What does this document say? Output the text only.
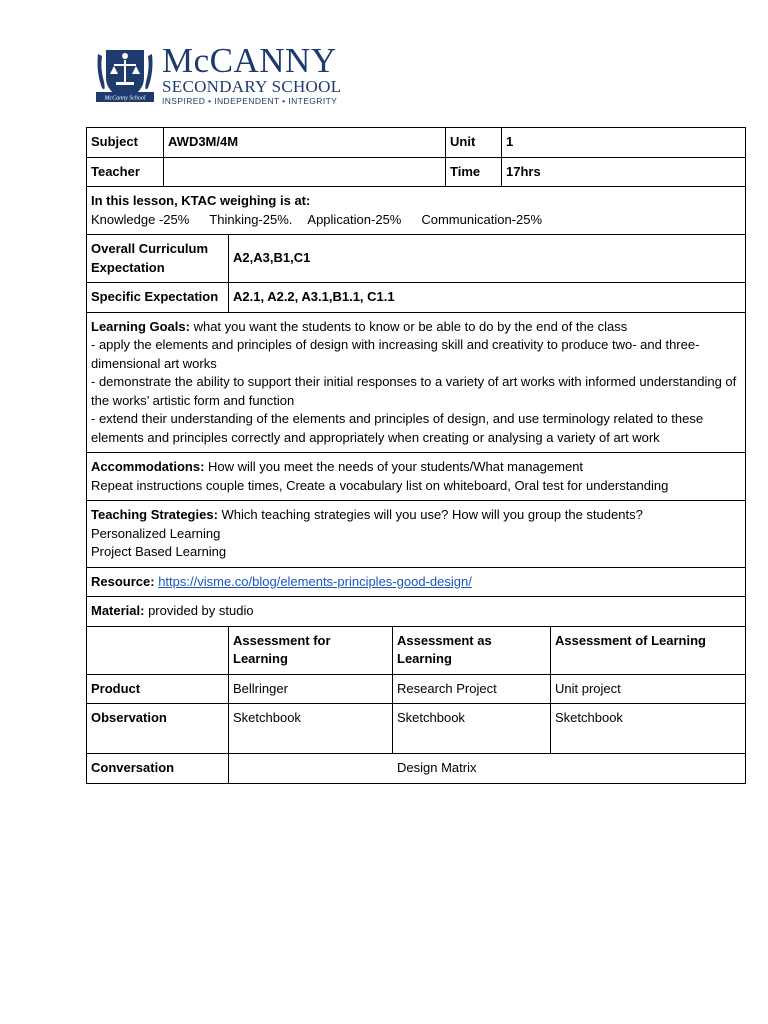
McCanny School
McCANNY
SECONDARY SCHOOL
INSPIRED • INDEPENDENT • INTEGRITY
Subject	AWD3M/4M			Unit	1	
Teacher				Time	17hrs	

In this lesson, KTAC weighing is at:
Knowledge -25% Thinking-25%. Application-25% Communication-25%						

Overall Curriculum Expectation		A2,A3,B1,C1				
Specific Expectation		A2.1, A2.2, A3.1,B1.1, C1.1				

Learning Goals: what you want the students to know or be able to do by the end of the class
- apply the elements and principles of design with increasing skill and creativity to produce two- and three-dimensional art works
- demonstrate the ability to support their initial responses to a variety of art works with informed understanding of the works’ artistic form and function
- extend their understanding of the elements and principles of design, and use terminology related to these elements and principles correctly and appropriately when creating or analysing a variety of art work						

Accommodations: How will you meet the needs of your students/What management
Repeat instructions couple times, Create a vocabulary list on whiteboard, Oral test for understanding						

Teaching Strategies: Which teaching strategies will you use? How will you group the students?
Personalized Learning
Project Based Learning						

Resource: https://visme.co/blog/elements-principles-good-design/						
Material: provided by studio						
		Assessment for Learning	Assessment as Learning			Assessment of Learning
Product		Bellringer	Research Project			Unit project
Observation		Sketchbook	Sketchbook			Sketchbook
Conversation		Design Matrix				
